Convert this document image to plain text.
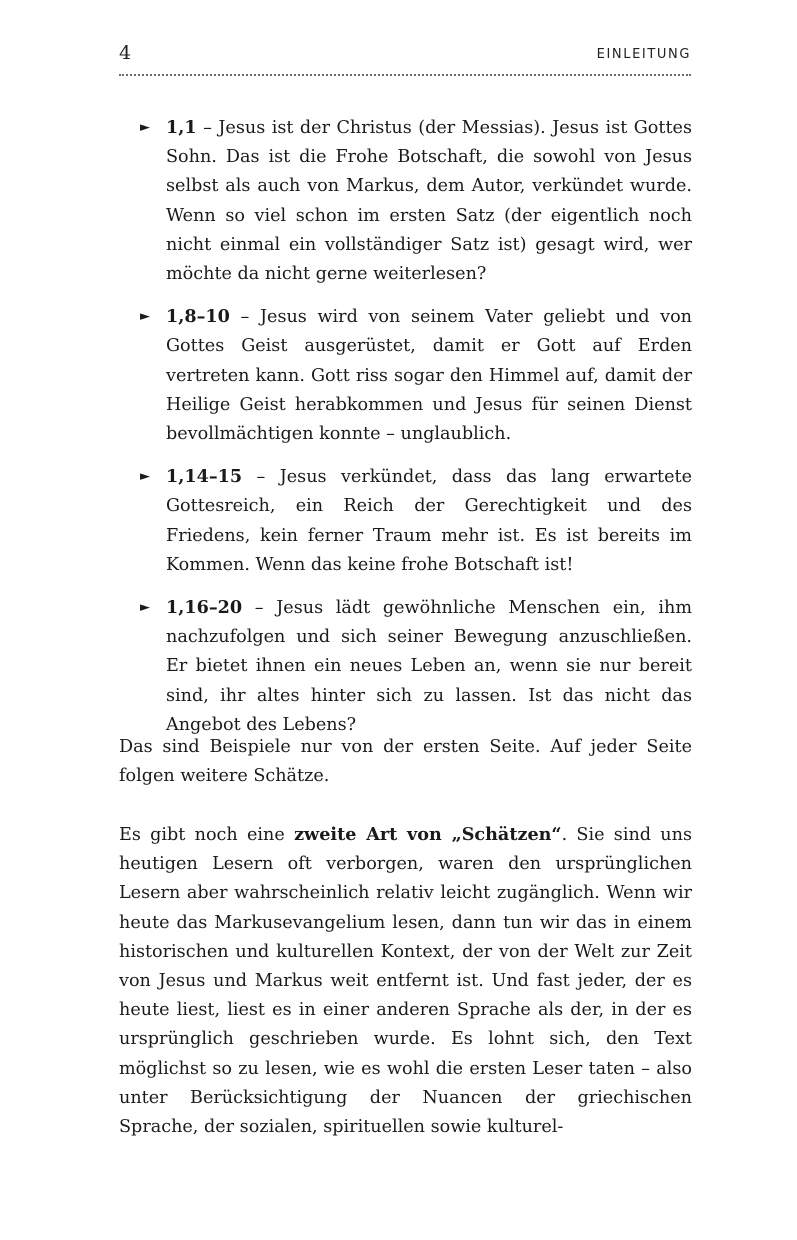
4	EINLEITUNG
► 1,1 – Jesus ist der Christus (der Messias). Jesus ist Gottes Sohn. Das ist die Frohe Botschaft, die sowohl von Jesus selbst als auch von Markus, dem Autor, verkündet wurde. Wenn so viel schon im ersten Satz (der eigentlich noch nicht einmal ein vollständiger Satz ist) gesagt wird, wer möchte da nicht gerne weiterlesen?
► 1,8–10 – Jesus wird von seinem Vater geliebt und von Gottes Geist ausgerüstet, damit er Gott auf Erden vertreten kann. Gott riss sogar den Himmel auf, damit der Heilige Geist herabkommen und Jesus für seinen Dienst bevollmächtigen konnte – unglaublich.
► 1,14–15 – Jesus verkündet, dass das lang erwartete Gottesreich, ein Reich der Gerechtigkeit und des Friedens, kein ferner Traum mehr ist. Es ist bereits im Kommen. Wenn das keine frohe Botschaft ist!
► 1,16–20 – Jesus lädt gewöhnliche Menschen ein, ihm nachzufolgen und sich seiner Bewegung anzuschließen. Er bietet ihnen ein neues Leben an, wenn sie nur bereit sind, ihr altes hinter sich zu lassen. Ist das nicht das Angebot des Lebens?

Das sind Beispiele nur von der ersten Seite. Auf jeder Seite folgen weitere Schätze.

Es gibt noch eine zweite Art von „Schätzen“. Sie sind uns heutigen Lesern oft verborgen, waren den ursprünglichen Lesern aber wahrscheinlich relativ leicht zugänglich. Wenn wir heute das Markusevangelium lesen, dann tun wir das in einem historischen und kulturellen Kontext, der von der Welt zur Zeit von Jesus und Markus weit entfernt ist. Und fast jeder, der es heute liest, liest es in einer anderen Sprache als der, in der es ursprünglich geschrieben wurde. Es lohnt sich, den Text möglichst so zu lesen, wie es wohl die ersten Leser taten – also unter Berücksichtigung der Nuancen der griechischen Sprache, der sozialen, spirituellen sowie kulturel-
